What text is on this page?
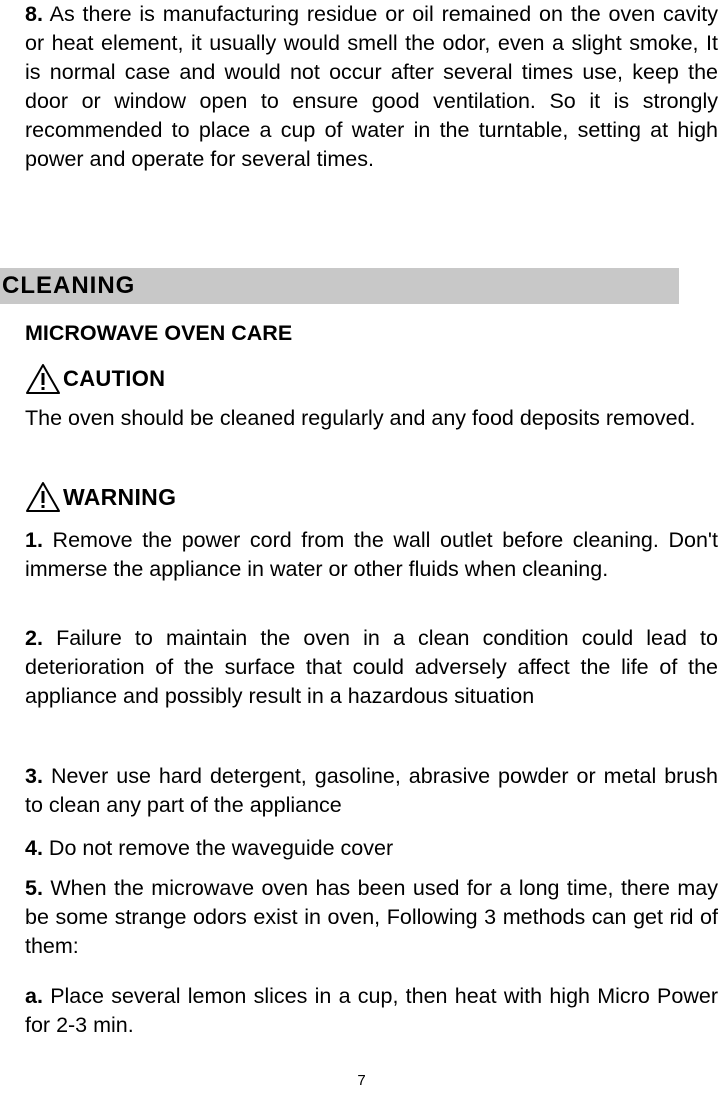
8. As there is manufacturing residue or oil remained on the oven cavity or heat element, it usually would smell the odor, even a slight smoke, It is normal case and would not occur after several times use, keep the door or window open to ensure good ventilation. So it is strongly recommended to place a cup of water in the turntable, setting at high power and operate for several times.

CLEANING
MICROWAVE OVEN CARE
CAUTION

The oven should be cleaned regularly and any food deposits removed.

WARNING

1. Remove the power cord from the wall outlet before cleaning. Don't immerse the appliance in water or other fluids when cleaning.

2. Failure to maintain the oven in a clean condition could lead to deterioration of the surface that could adversely affect the life of the appliance and possibly result in a hazardous situation

3. Never use hard detergent, gasoline, abrasive powder or metal brush to clean any part of the appliance

4. Do not remove the waveguide cover

5. When the microwave oven has been used for a long time, there may be some strange odors exist in oven, Following 3 methods can get rid of them:

a. Place several lemon slices in a cup, then heat with high Micro Power for 2-3 min.

7
